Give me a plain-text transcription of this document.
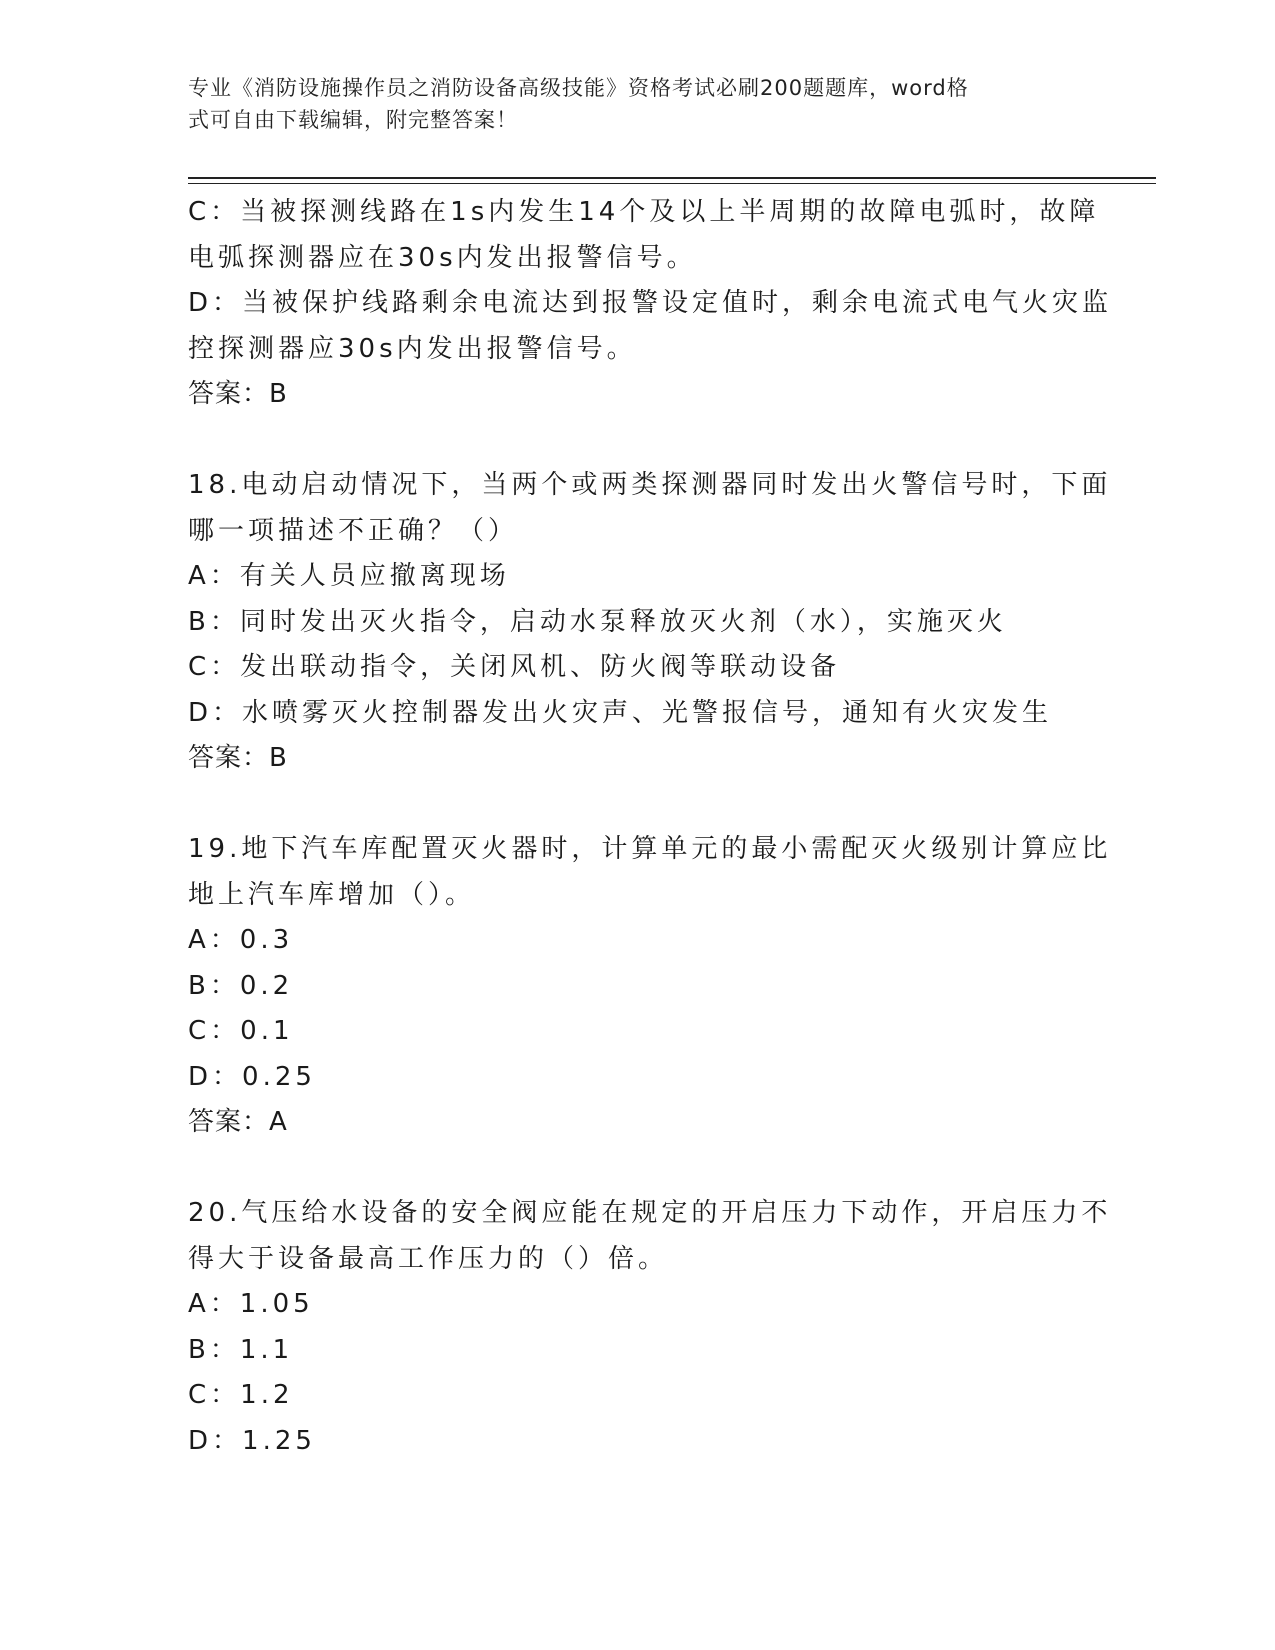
专业《消防设施操作员之消防设备高级技能》资格考试必刷200题题库，word格
式可自由下载编辑，附完整答案！
C：当被探测线路在1s内发生14个及以上半周期的故障电弧时，故障
电弧探测器应在30s内发出报警信号。
D：当被保护线路剩余电流达到报警设定值时，剩余电流式电气火灾监
控探测器应30s内发出报警信号。
答案：B
18.电动启动情况下，当两个或两类探测器同时发出火警信号时，下面
哪一项描述不正确？（）
A：有关人员应撤离现场
B：同时发出灭火指令，启动水泵释放灭火剂（水），实施灭火
C：发出联动指令，关闭风机、防火阀等联动设备
D：水喷雾灭火控制器发出火灾声、光警报信号，通知有火灾发生
答案：B
19.地下汽车库配置灭火器时，计算单元的最小需配灭火级别计算应比
地上汽车库增加（）。
A：0.3
B：0.2
C：0.1
D：0.25
答案：A
20.气压给水设备的安全阀应能在规定的开启压力下动作，开启压力不
得大于设备最高工作压力的（）倍。
A：1.05
B：1.1
C：1.2
D：1.25
